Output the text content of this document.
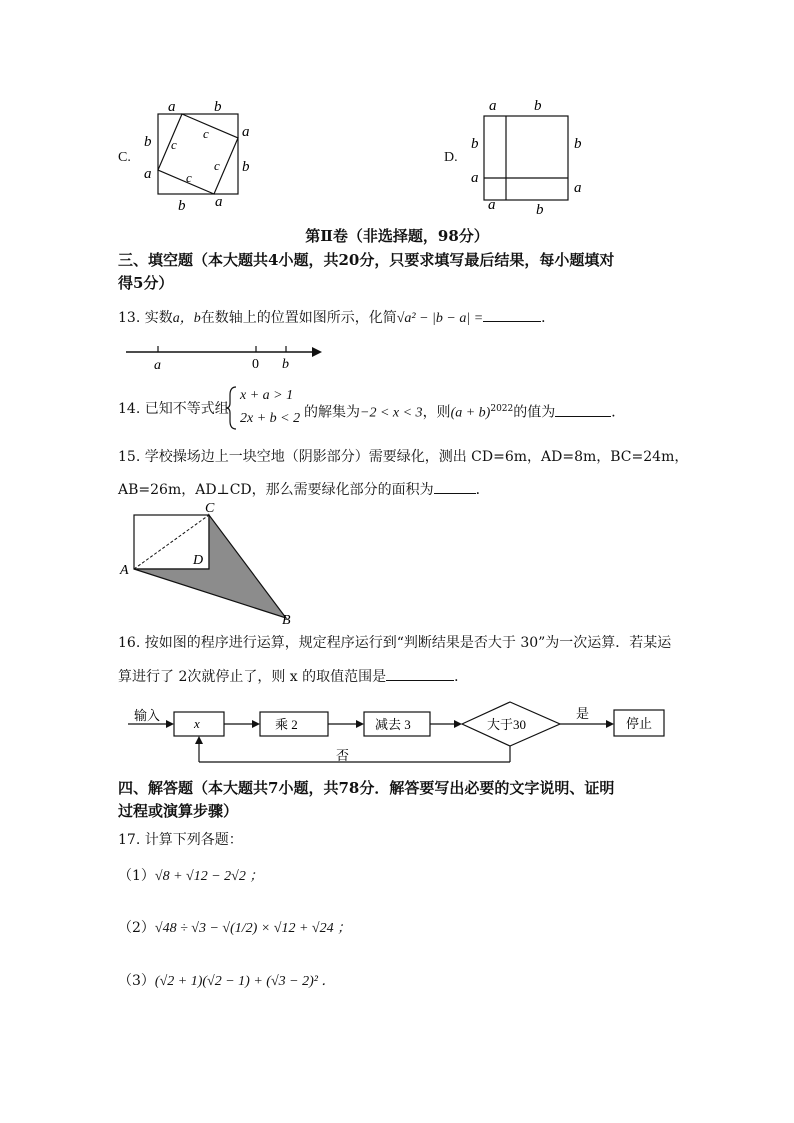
C.
a	b
a
b
b
a
b a
c
c
c
c
D.
a	b
b
a
b
a
a	b
第Ⅱ卷（非选择题，98分）
三、填空题（本大题共4小题，共20分，只要求填写最后结果，每小题填对
得5分）
13. 实数a，b在数轴上的位置如图所示，化简√a² − |b − a| =	．
a	0 b
14. 已知不等式组
x + a > 1
2x + b < 2 的解集为−2 < x < 3，则$(a + b)^{2022}$的值为	．
15. 学校操场边上一块空地（阴影部分）需要绿化，测出 CD=6m，AD=8m，BC=24m，
AB=26m，AD⊥CD，那么需要绿化部分的面积为	．
A
B
C
D
16. 按如图的程序进行运算，规定程序运行到“判断结果是否大于 30”为一次运算．若某运
算进行了 2次就停止了，则 x 的取值范围是	．
输入
x	乘 2	减去 3	大于30
是
停止
否
四、解答题（本大题共7小题，共78分．解答要写出必要的文字说明、证明
过程或演算步骤）
17. 计算下列各题：
（1）√8 + √12 − 2√2 ；
（2）√48 ÷ √3 − √(1/2) × √12 + √24 ；
（3）(√2 + 1)(√2 − 1) + (√3 − 2)² ．
